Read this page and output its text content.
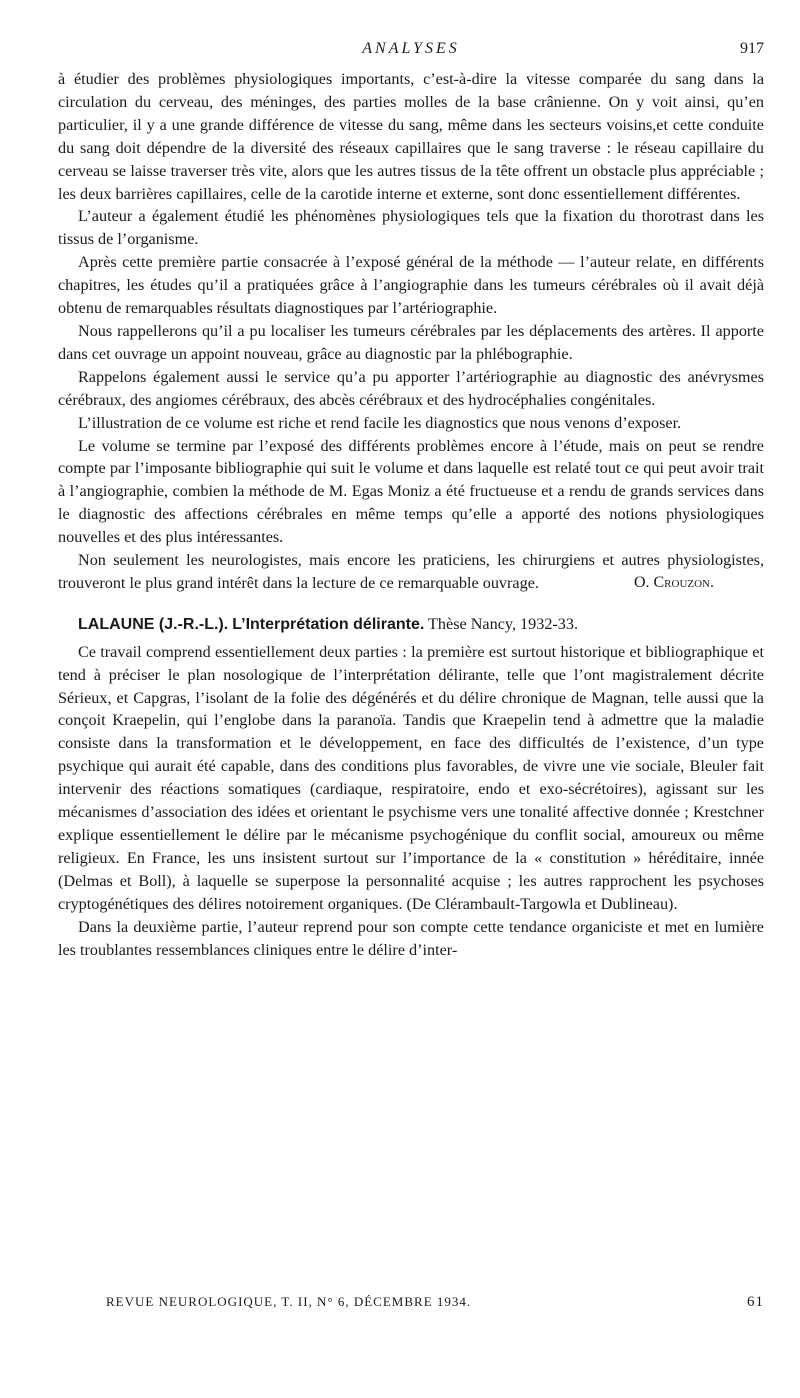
ANALYSES	917

à étudier des problèmes physiologiques importants, c’est-à-dire la vitesse comparée du sang dans la circulation du cerveau, des méninges, des parties molles de la base crânienne. On y voit ainsi, qu’en particulier, il y a une grande différence de vitesse du sang, même dans les secteurs voisins,et cette conduite du sang doit dépendre de la diversité des réseaux capillaires que le sang traverse : le réseau capillaire du cerveau se laisse traverser très vite, alors que les autres tissus de la tête offrent un obstacle plus appréciable ; les deux barrières capillaires, celle de la carotide interne et externe, sont donc essentiellement différentes.

L’auteur a également étudié les phénomènes physiologiques tels que la fixation du thorotrast dans les tissus de l’organisme.

Après cette première partie consacrée à l’exposé général de la méthode — l’auteur relate, en différents chapitres, les études qu’il a pratiquées grâce à l’angiographie dans les tumeurs cérébrales où il avait déjà obtenu de remarquables résultats diagnostiques par l’artériographie.

Nous rappellerons qu’il a pu localiser les tumeurs cérébrales par les déplacements des artères. Il apporte dans cet ouvrage un appoint nouveau, grâce au diagnostic par la phlébographie.

Rappelons également aussi le service qu’a pu apporter l’artériographie au diagnostic des anévrysmes cérébraux, des angiomes cérébraux, des abcès cérébraux et des hydrocéphalies congénitales.

L’illustration de ce volume est riche et rend facile les diagnostics que nous venons d’exposer.

Le volume se termine par l’exposé des différents problèmes encore à l’étude, mais on peut se rendre compte par l’imposante bibliographie qui suit le volume et dans laquelle est relaté tout ce qui peut avoir trait à l’angiographie, combien la méthode de M. Egas Moniz a été fructueuse et a rendu de grands services dans le diagnostic des affections cérébrales en même temps qu’elle a apporté des notions physiologiques nouvelles et des plus intéressantes.

Non seulement les neurologistes, mais encore les praticiens, les chirurgiens et autres physiologistes, trouveront le plus grand intérêt dans la lecture de ce remarquable ouvrage.	O. Crouzon.
LALAUNE (J.-R.-L.). L’Interprétation délirante. Thèse Nancy, 1932-33.

Ce travail comprend essentiellement deux parties : la première est surtout historique et bibliographique et tend à préciser le plan nosologique de l’interprétation délirante, telle que l’ont magistralement décrite Sérieux, et Capgras, l’isolant de la folie des dégénérés et du délire chronique de Magnan, telle aussi que la conçoit Kraepelin, qui l’englobe dans la paranoïa. Tandis que Kraepelin tend à admettre que la maladie consiste dans la transformation et le développement, en face des difficultés de l’existence, d’un type psychique qui aurait été capable, dans des conditions plus favorables, de vivre une vie sociale, Bleuler fait intervenir des réactions somatiques (cardiaque, respiratoire, endo et exo-sécrétoires), agissant sur les mécanismes d’association des idées et orientant le psychisme vers une tonalité affective donnée ; Krestchner explique essentiellement le délire par le mécanisme psychogénique du conflit social, amoureux ou même religieux. En France, les uns insistent surtout sur l’importance de la « constitution » héréditaire, innée (Delmas et Boll), à laquelle se superpose la personnalité acquise ; les autres rapprochent les psychoses cryptogénétiques des délires notoirement organiques. (De Clérambault-Targowla et Dublineau).

Dans la deuxième partie, l’auteur reprend pour son compte cette tendance organiciste et met en lumière les troublantes ressemblances cliniques entre le délire d’inter-

REVUE NEUROLOGIQUE, T. II, N° 6, DÉCEMBRE 1934.	61
